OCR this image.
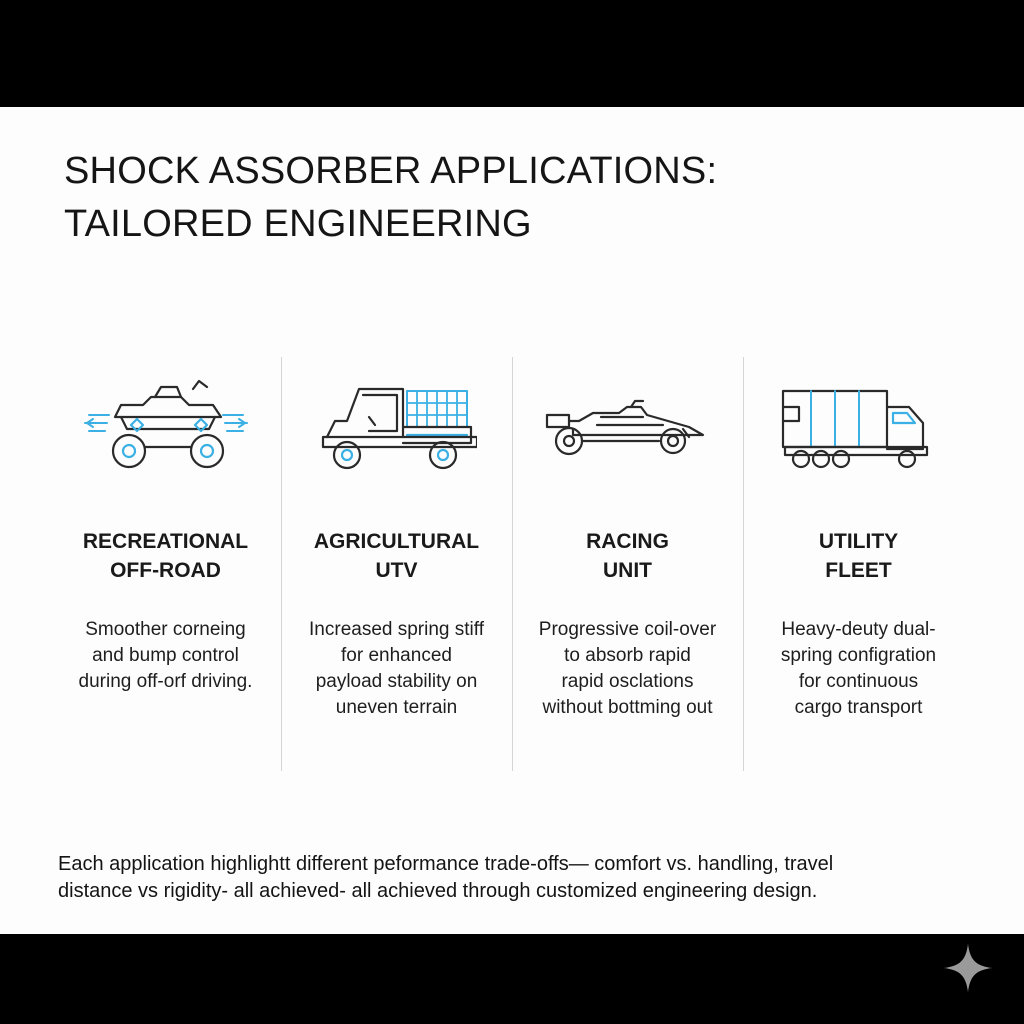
SHOCK ASSORBER APPLICATIONS:
TAILORED ENGINEERING
RECREATIONAL
OFF-ROAD

Smoother corneing
and bump control
during off-orf driving.

AGRICULTURAL
UTV

Increased spring stiff
for enhanced
payload stability on
uneven terrain

RACING
UNIT

Progressive coil-over
to absorb rapid
rapid osclations
without bottming out

UTILITY
FLEET

Heavy-deuty dual-
spring configration
for continuous
cargo transport

Each application highlightt different peformance trade-offs— comfort vs. handling, travel
distance vs rigidity- all achieved- all achieved through customized engineering design.
